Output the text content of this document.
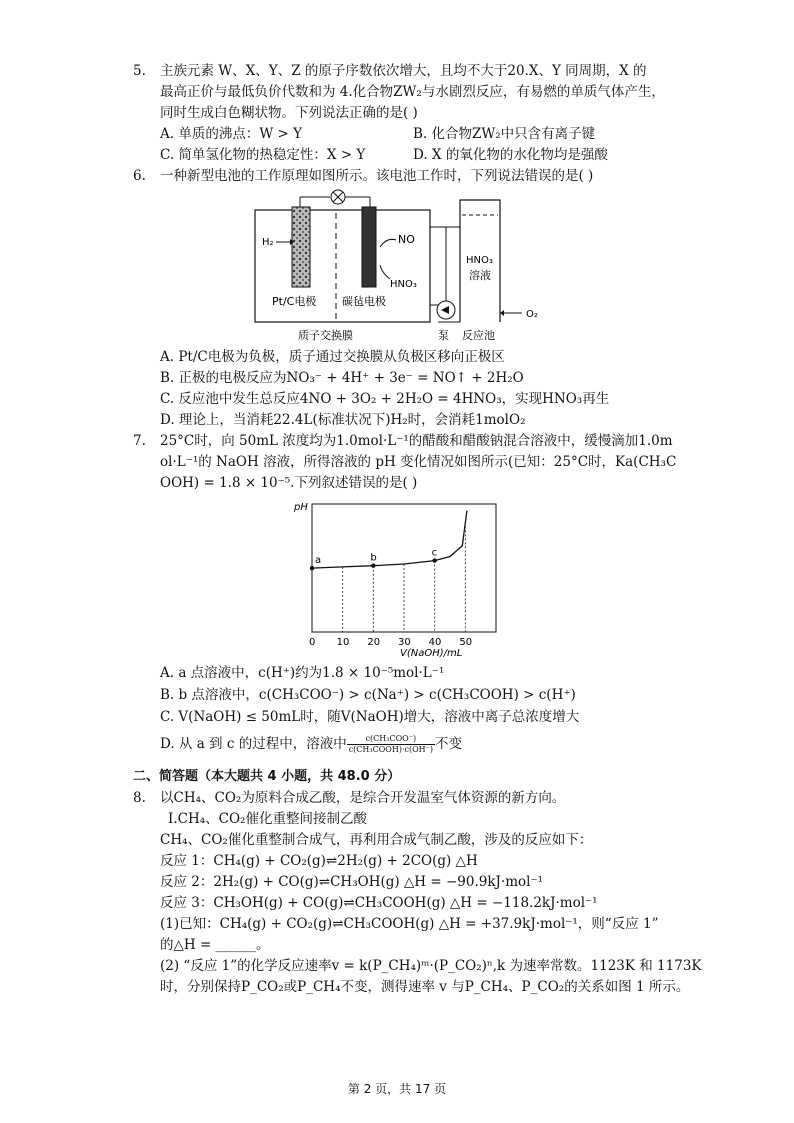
5. 主族元素 W、X、Y、Z 的原子序数依次增大，且均不大于20.X、Y 同周期，X 的
最高正价与最低负价代数和为 4.化合物ZW₂与水剧烈反应，有易燃的单质气体产生，
同时生成白色糊状物。下列说法正确的是( )
A. 单质的沸点：W > Y	B. 化合物ZW₂中只含有离子键
C. 简单氢化物的热稳定性：X > Y	D. X 的氧化物的水化物均是强酸
6. 一种新型电池的工作原理如图所示。该电池工作时，下列说法错误的是( )
H₂	NO
HNO₃
HNO₃
溶液
O₂
Pt/C电极 碳毡电极
质子交换膜	泵 反应池
A. Pt/C电极为负极，质子通过交换膜从负极区移向正极区
B. 正极的电极反应为NO₃⁻ + 4H⁺ + 3e⁻ = NO↑ + 2H₂O
C. 反应池中发生总反应4NO + 3O₂ + 2H₂O = 4HNO₃，实现HNO₃再生
D. 理论上，当消耗22.4L(标准状况下)H₂时，会消耗1molO₂
7. 25°C时，向 50mL 浓度均为1.0mol·L⁻¹的醋酸和醋酸钠混合溶液中，缓慢滴加1.0m
ol·L⁻¹的 NaOH 溶液，所得溶液的 pH 变化情况如图所示(已知：25°C时，Ka(CH₃C
OOH) = 1.8 × 10⁻⁵.下列叙述错误的是( )
pH
V(NaOH)/mL
0 10 20 30 40 50
a	b	c
A. a 点溶液中，c(H⁺)约为1.8 × 10⁻⁵mol·L⁻¹
B. b 点溶液中，c(CH₃COO⁻) > c(Na⁺) > c(CH₃COOH) > c(H⁺)
C. V(NaOH) ≤ 50mL时，随V(NaOH)增大，溶液中离子总浓度增大
D. 从 a 到 c 的过程中，溶液中 $\frac{\text{c(CH₃COO⁻)}}{\text{c(CH₃COOH)·c(OH⁻)}}$ 不变
二、简答题（本大题共 4 小题，共 48.0 分）
8. 以CH₄、CO₂为原料合成乙酸，是综合开发温室气体资源的新方向。
Ⅰ.CH₄、CO₂催化重整间接制乙酸
CH₄、CO₂催化重整制合成气，再利用合成气制乙酸，涉及的反应如下：
反应 1：CH₄(g) + CO₂(g)⇌2H₂(g) + 2CO(g) △H
反应 2：2H₂(g) + CO(g)⇌CH₃OH(g) △H = −90.9kJ·mol⁻¹
反应 3：CH₃OH(g) + CO(g)⇌CH₃COOH(g) △H = −118.2kJ·mol⁻¹
(1)已知：CH₄(g) + CO₂(g)⇌CH₃COOH(g) △H = +37.9kJ·mol⁻¹，则“反应 1”
的△H = ______。
(2) “反应 1”的化学反应速率v = k(P_CH₄)ᵐ·(P_CO₂)ⁿ,k 为速率常数。1123K 和 1173K
时，分别保持P_CO₂或P_CH₄不变，测得速率 v 与P_CH₄、P_CO₂的关系如图 1 所示。
第 2 页，共 17 页
